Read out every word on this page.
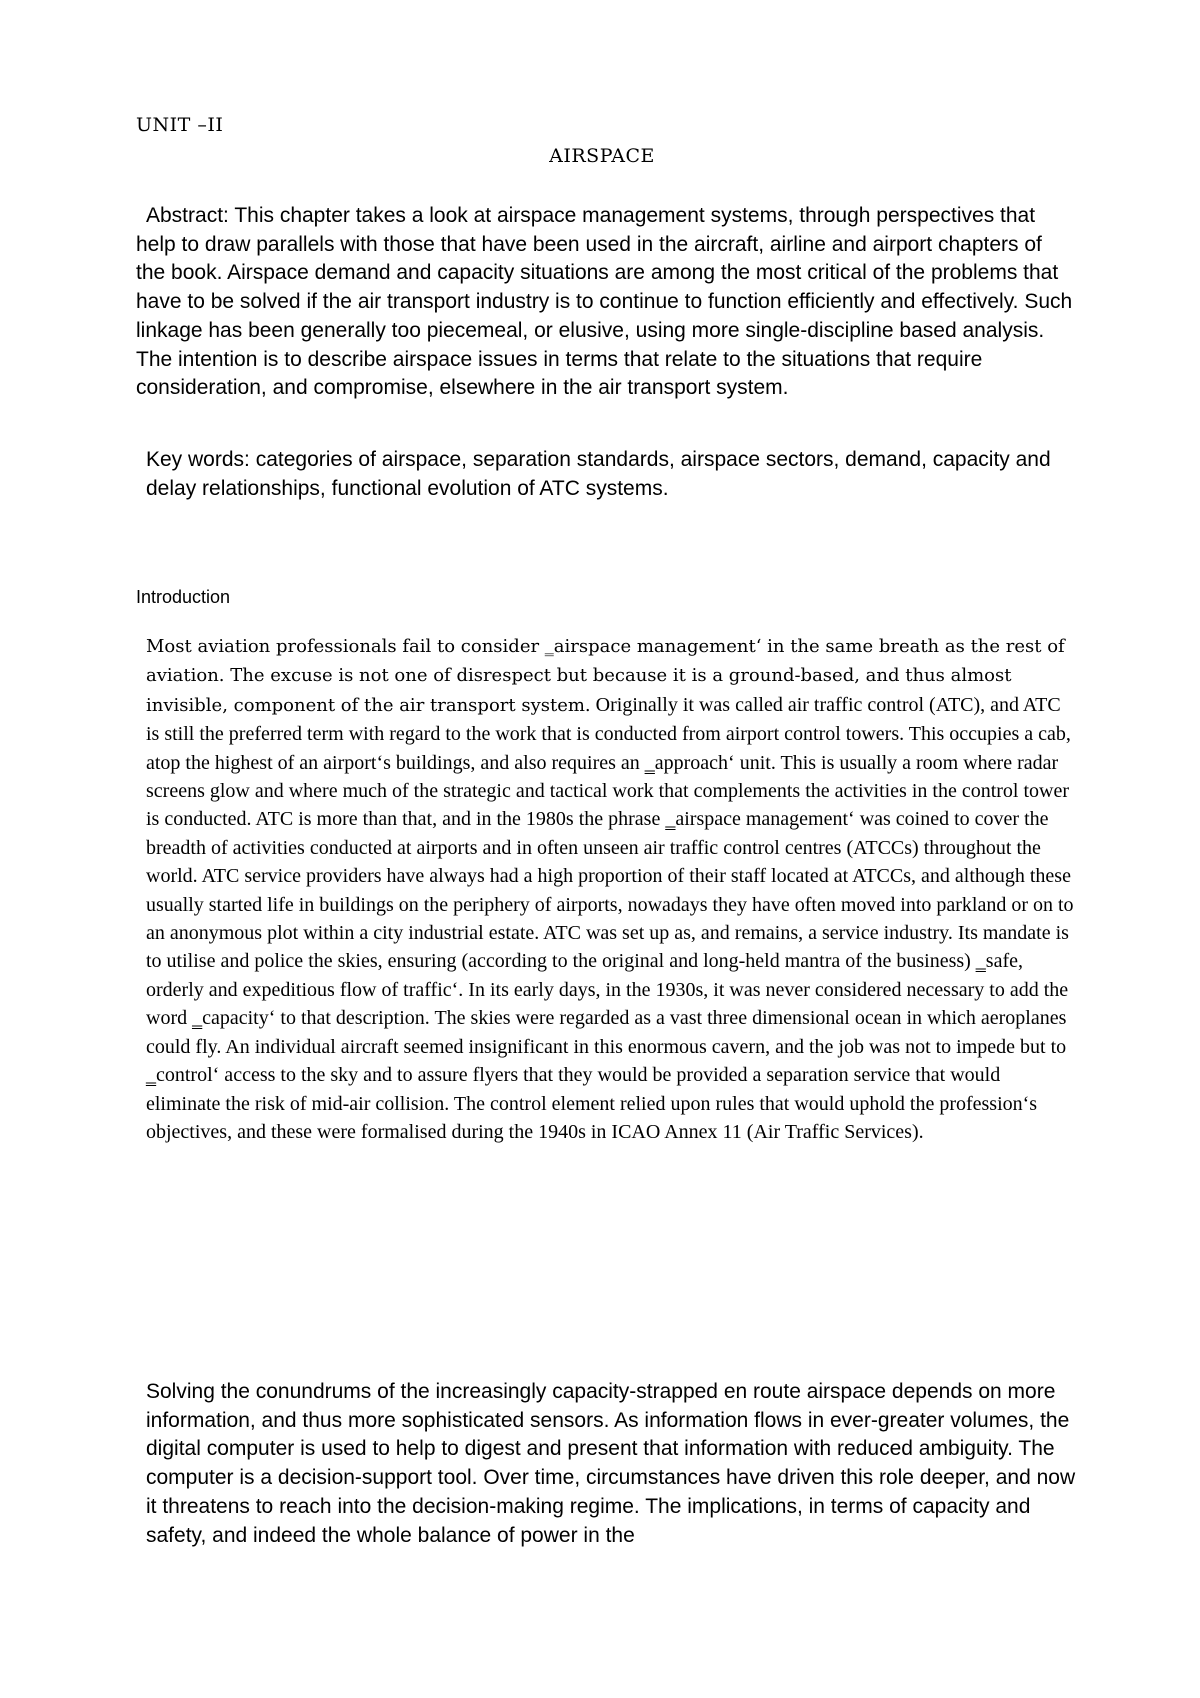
UNIT –II
AIRSPACE

Abstract: This chapter takes a look at airspace management systems, through perspectives that help to draw parallels with those that have been used in the aircraft, airline and airport chapters of the book. Airspace demand and capacity situations are among the most critical of the problems that have to be solved if the air transport industry is to continue to function efficiently and effectively. Such linkage has been generally too piecemeal, or elusive, using more single-discipline based analysis. The intention is to describe airspace issues in terms that relate to the situations that require consideration, and compromise, elsewhere in the air transport system.

Key words: categories of airspace, separation standards, airspace sectors, demand, capacity and delay relationships, functional evolution of ATC systems.

Introduction

Most aviation professionals fail to consider ‗airspace management‘ in the same breath as the rest of aviation. The excuse is not one of disrespect but because it is a ground-based, and thus almost invisible, component of the air transport system. Originally it was called air traffic control (ATC), and ATC is still the preferred term with regard to the work that is conducted from airport control towers. This occupies a cab, atop the highest of an airport‘s buildings, and also requires an ‗approach‘ unit. This is usually a room where radar screens glow and where much of the strategic and tactical work that complements the activities in the control tower is conducted. ATC is more than that, and in the 1980s the phrase ‗airspace management‘ was coined to cover the breadth of activities conducted at airports and in often unseen air traffic control centres (ATCCs) throughout the world. ATC service providers have always had a high proportion of their staff located at ATCCs, and although these usually started life in buildings on the periphery of airports, nowadays they have often moved into parkland or on to an anonymous plot within a city industrial estate. ATC was set up as, and remains, a service industry. Its mandate is to utilise and police the skies, ensuring (according to the original and long-held mantra of the business) ‗safe, orderly and expeditious flow of traffic‘. In its early days, in the 1930s, it was never considered necessary to add the word ‗capacity‘ to that description. The skies were regarded as a vast three dimensional ocean in which aeroplanes could fly. An individual aircraft seemed insignificant in this enormous cavern, and the job was not to impede but to ‗control‘ access to the sky and to assure flyers that they would be provided a separation service that would eliminate the risk of mid-air collision. The control element relied upon rules that would uphold the profession‘s objectives, and these were formalised during the 1940s in ICAO Annex 11 (Air Traffic Services).

Solving the conundrums of the increasingly capacity-strapped en route airspace depends on more information, and thus more sophisticated sensors. As information flows in ever-greater volumes, the digital computer is used to help to digest and present that information with reduced ambiguity. The computer is a decision-support tool. Over time, circumstances have driven this role deeper, and now it threatens to reach into the decision-making regime. The implications, in terms of capacity and safety, and indeed the whole balance of power in the
